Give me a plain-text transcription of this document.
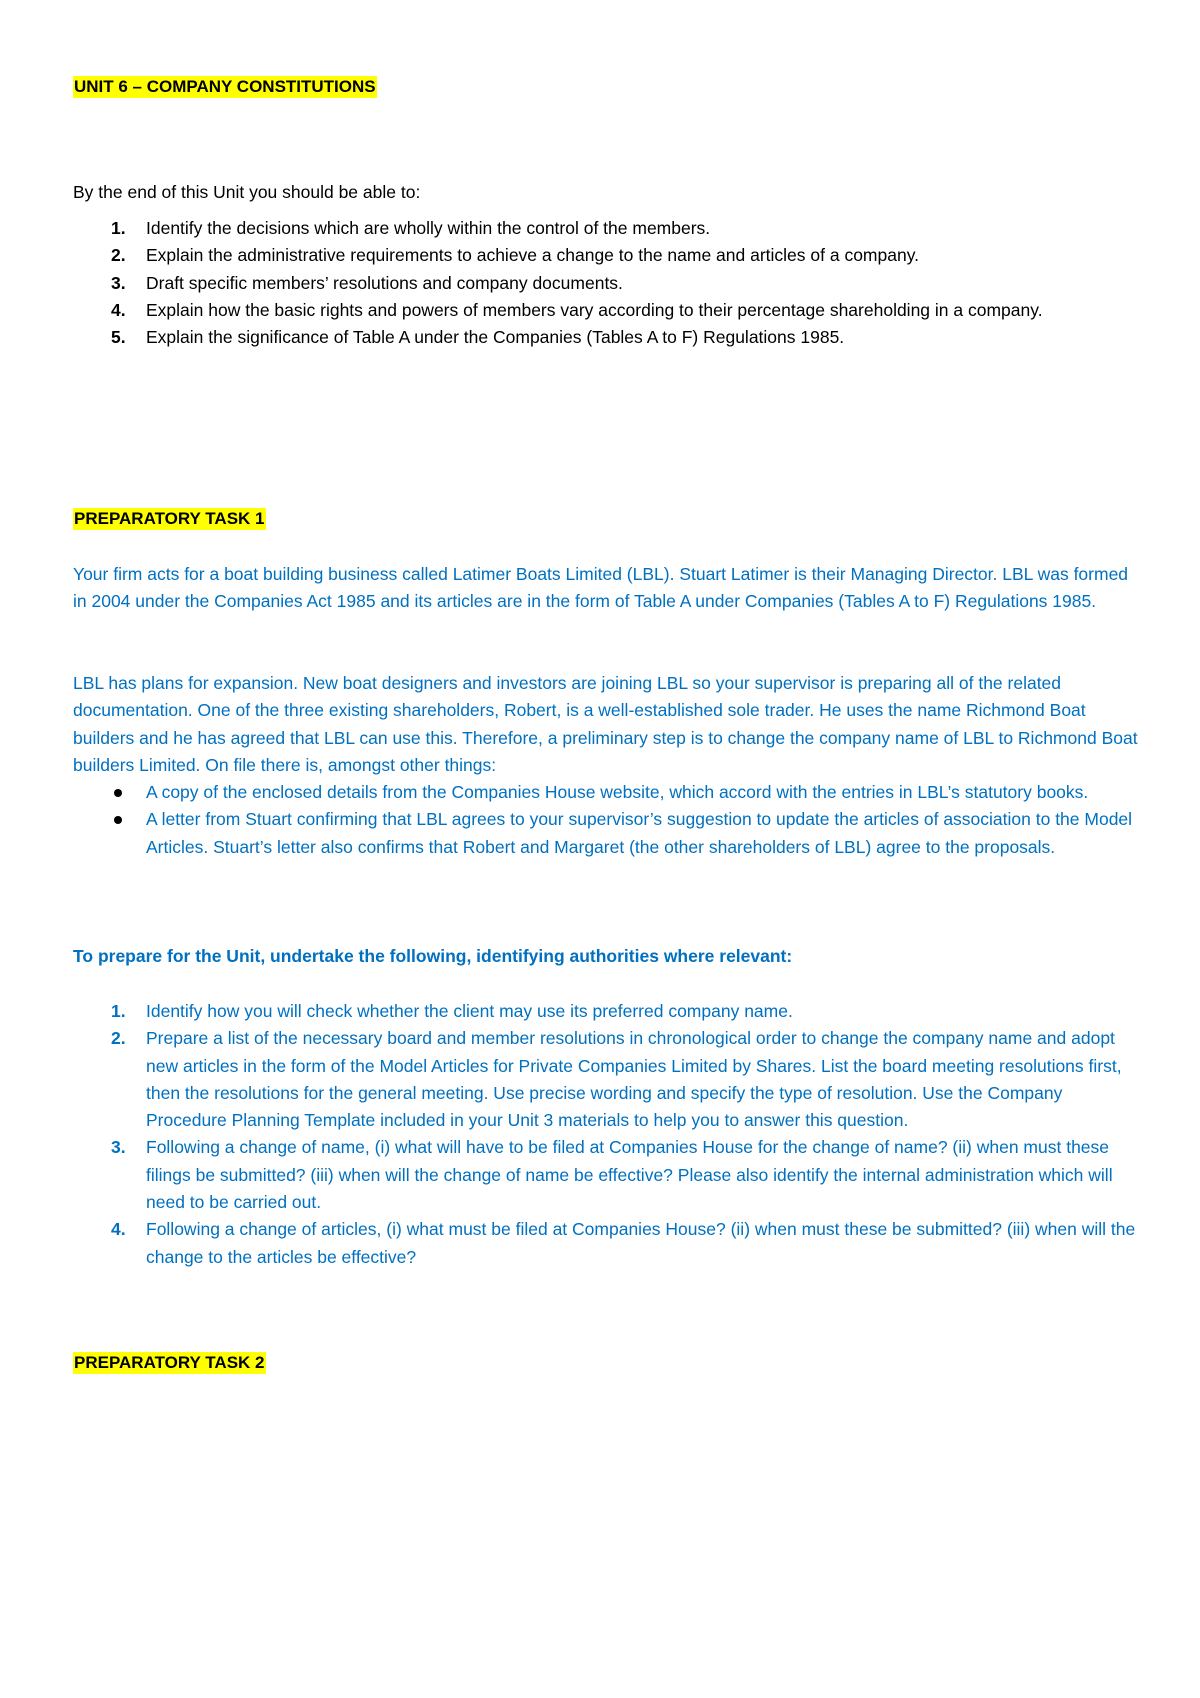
UNIT 6 – COMPANY CONSTITUTIONS

By the end of this Unit you should be able to:

1.	Identify the decisions which are wholly within the control of the members.
2.	Explain the administrative requirements to achieve a change to the name and articles of a company.
3.	Draft specific members’ resolutions and company documents.
4.	Explain how the basic rights and powers of members vary according to their percentage shareholding in a company.
5.	Explain the significance of Table A under the Companies (Tables A to F) Regulations 1985.
PREPARATORY TASK 1

Your firm acts for a boat building business called Latimer Boats Limited (LBL). Stuart Latimer is their Managing Director. LBL was formed in 2004 under the Companies Act 1985 and its articles are in the form of Table A under Companies (Tables A to F) Regulations 1985.

LBL has plans for expansion. New boat designers and investors are joining LBL so your supervisor is preparing all of the related documentation. One of the three existing shareholders, Robert, is a well-established sole trader. He uses the name Richmond Boat builders and he has agreed that LBL can use this. Therefore, a preliminary step is to change the company name of LBL to Richmond Boat builders Limited. On file there is, amongst other things:

A copy of the enclosed details from the Companies House website, which accord with the entries in LBL’s statutory books.
A letter from Stuart confirming that LBL agrees to your supervisor’s suggestion to update the articles of association to the Model Articles. Stuart’s letter also confirms that Robert and Margaret (the other shareholders of LBL) agree to the proposals.

To prepare for the Unit, undertake the following, identifying authorities where relevant:

1.	Identify how you will check whether the client may use its preferred company name.
2.	Prepare a list of the necessary board and member resolutions in chronological order to change the company name and adopt new articles in the form of the Model Articles for Private Companies Limited by Shares. List the board meeting resolutions first, then the resolutions for the general meeting. Use precise wording and specify the type of resolution. Use the Company Procedure Planning Template included in your Unit 3 materials to help you to answer this question.
3.	Following a change of name, (i) what will have to be filed at Companies House for the change of name? (ii) when must these filings be submitted? (iii) when will the change of name be effective? Please also identify the internal administration which will need to be carried out.
4.	Following a change of articles, (i) what must be filed at Companies House? (ii) when must these be submitted? (iii) when will the change to the articles be effective?
PREPARATORY TASK 2
